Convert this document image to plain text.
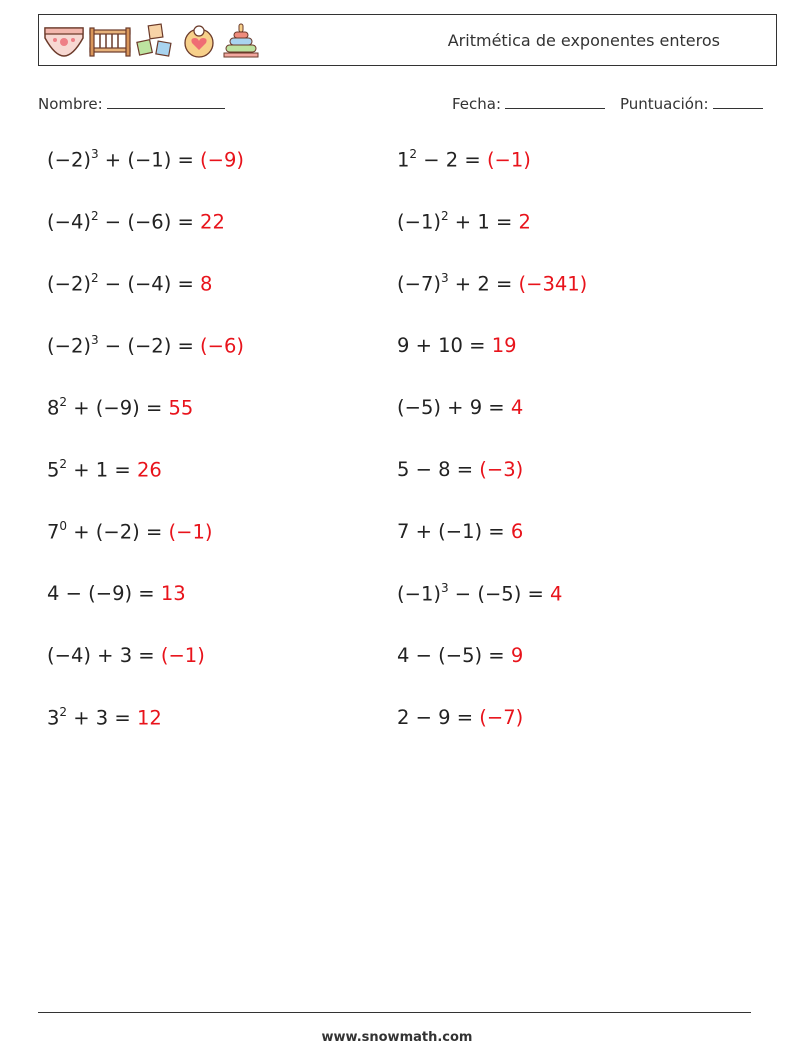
Aritmética de exponentes enteros
Nombre:	Fecha:	Puntuación:
$(-2)^3 + (-1) = (-9)$	$1^2 - 2 = (-1)$
$(-4)^2 - (-6) = 22$	$(-1)^2 + 1 = 2$
$(-2)^2 - (-4) = 8$	$(-7)^3 + 2 = (-341)$
$(-2)^3 - (-2) = (-6)$	9 + 10 = 19
$8^2 + (-9) = 55$	(−5) + 9 = 4
$5^2 + 1 = 26$	5 − 8 = (−3)
$7^0 + (-2) = (-1)$	7 + (−1) = 6
4 − (−9) = 13	$(-1)^3 - (-5) = 4$
(−4) + 3 = (−1)	4 − (−5) = 9
$3^2 + 3 = 12$	2 − 9 = (−7)
www.snowmath.com
